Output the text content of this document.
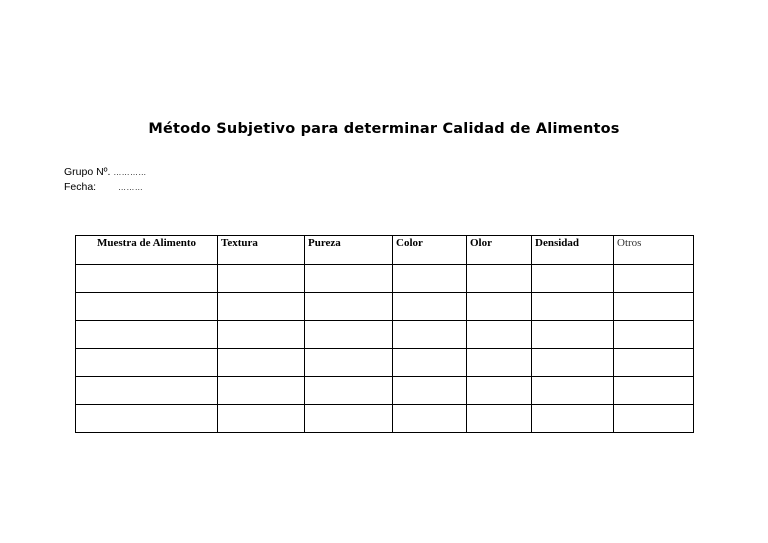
Método Subjetivo para determinar Calidad de Alimentos
Grupo Nº. …………
Fecha:	………
Muestra de Alimento	Textura	Pureza	Color	Olor	Densidad	Otros
